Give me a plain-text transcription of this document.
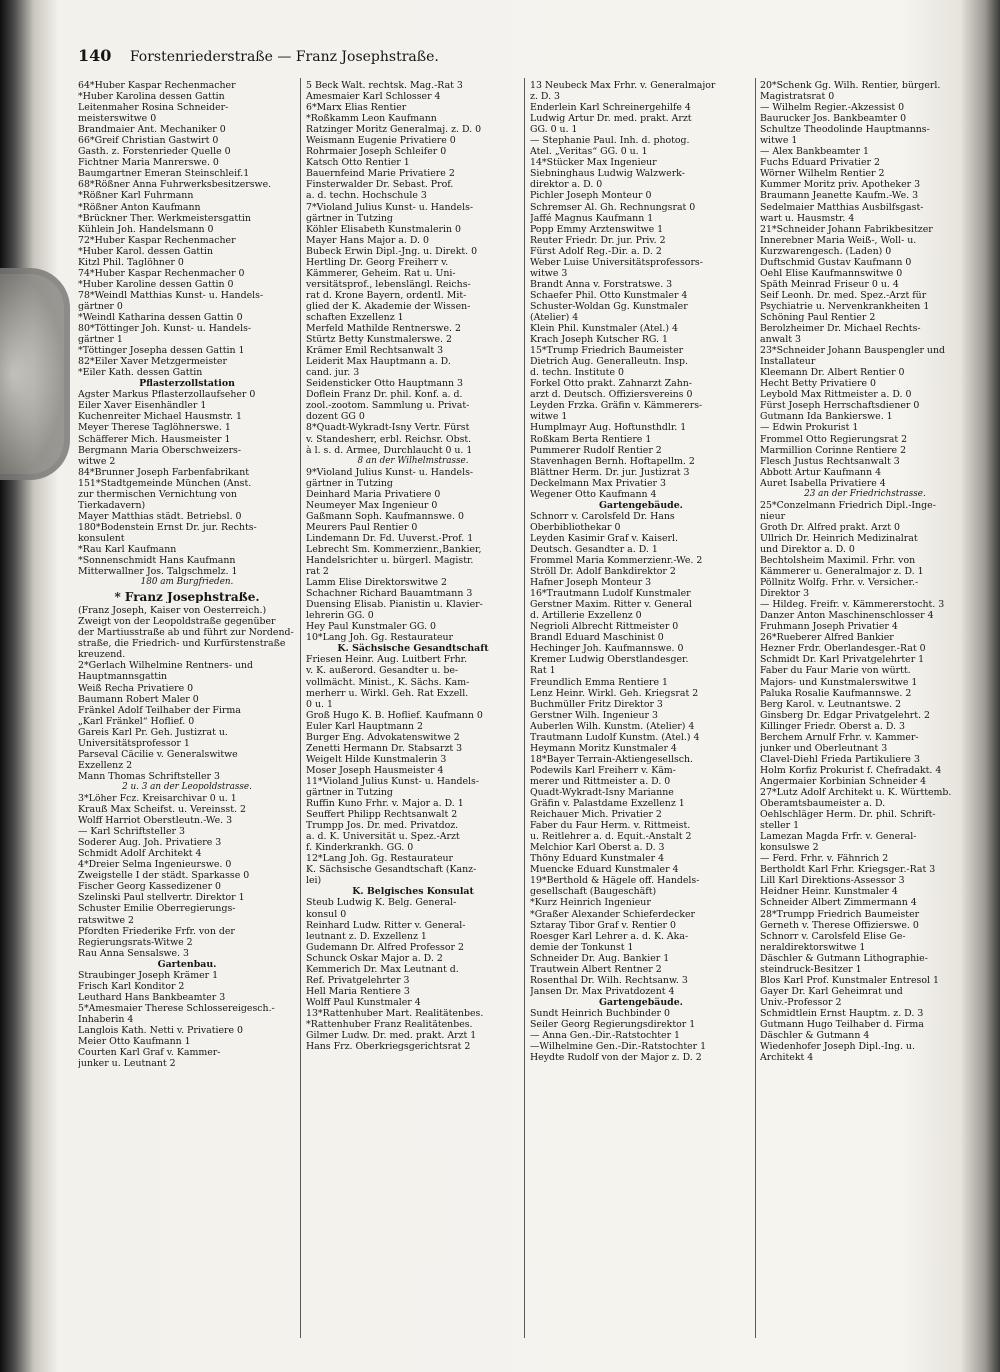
140 Forstenriederstraße — Franz Josephstraße.
64*Huber Kaspar Rechenmacher
*Huber Karolina dessen Gattin
Leitenmaher Rosina Schneider-
meisterswitwe 0
Brandmaier Ant. Mechaniker 0
66*Greif Christian Gastwirt 0
Gasth. z. Forstenrieder Quelle 0
Fichtner Maria Manrerswe. 0
Baumgartner Emeran Steinschleif.1
68*Rößner Anna Fuhrwerksbesitzerswe.
*Rößner Karl Fuhrmann
*Rößner Anton Kaufmann
*Brückner Ther. Werkmeistersgattin
Kühlein Joh. Handelsmann 0
72*Huber Kaspar Rechenmacher
*Huber Karol. dessen Gattin
Kitzl Phil. Taglöhner 0
74*Huber Kaspar Rechenmacher 0
*Huber Karoline dessen Gattin 0
78*Weindl Matthias Kunst- u. Handels-
gärtner 0
*Weindl Katharina dessen Gattin 0
80*Töttinger Joh. Kunst- u. Handels-
gärtner 1
*Töttinger Josepha dessen Gattin 1
82*Eiler Xaver Metzgermeister
*Eiler Kath. dessen Gattin
Pflasterzollstation
Agster Markus Pflasterzollaufseher 0
Eiler Xaver Eisenhändler 1
Kuchenreiter Michael Hausmstr. 1
Meyer Therese Taglöhnerswe. 1
Schäfferer Mich. Hausmeister 1
Bergmann Maria Oberschweizers-
witwe 2
84*Brunner Joseph Farbenfabrikant
151*Stadtgemeinde München (Anst.
zur thermischen Vernichtung von
Tierkadavern)
Mayer Matthias städt. Betriebsl. 0
180*Bodenstein Ernst Dr. jur. Rechts-
konsulent
*Rau Karl Kaufmann
*Sonnenschmidt Hans Kaufmann
Mitterwallner Jos. Talgschmelz. 1
180 am Burgfrieden.
* Franz Josephstraße.
(Franz Joseph, Kaiser von Oesterreich.)
Zweigt von der Leopoldstraße gegenüber
der Martiusstraße ab und führt zur Nordend-
straße, die Friedrich- und Kurfürstenstraße
kreuzend.
2*Gerlach Wilhelmine Rentners- und
Hauptmannsgattin
Weiß Recha Privatiere 0
Baumann Robert Maler 0
Fränkel Adolf Teilhaber der Firma
„Karl Fränkel“ Hoflief. 0
Gareis Karl Pr. Geh. Justizrat u.
Universitätsprofessor 1
Parseval Cäcilie v. Generalswitwe
Exzellenz 2
Mann Thomas Schriftsteller 3
2 u. 3 an der Leopoldstrasse.
3*Löher Fcz. Kreisarchivar 0 u. 1
Krauß Max Scheifst. u. Vereinsst. 2
Wolff Harriot Oberstleutn.-We. 3
— Karl Schriftsteller 3
Soderer Aug. Joh. Privatiere 3
Schmidt Adolf Architekt 4
4*Dreier Selma Ingenieurswe. 0
Zweigstelle I der städt. Sparkasse 0
Fischer Georg Kassedizener 0
Szelinski Paul stellvertr. Direktor 1
Schuster Emilie Oberregierungs-
ratswitwe 2
Pfordten Friederike Frfr. von der
Regierungsrats-Witwe 2
Rau Anna Sensalswe. 3
Gartenbau.
Straubinger Joseph Krämer 1
Frisch Karl Konditor 2
Leuthard Hans Bankbeamter 3
5*Amesmaier Therese Schlossereigesch.-
Inhaberin 4
Langlois Kath. Netti v. Privatiere 0
Meier Otto Kaufmann 1
Courten Karl Graf v. Kammer-
junker u. Leutnant 2
5 Beck Walt. rechtsk. Mag.-Rat 3
Amesmaier Karl Schlosser 4
6*Marx Elias Rentier
*Roßkamm Leon Kaufmann
Ratzinger Moritz Generalmaj. z. D. 0
Weismann Eugenie Privatiere 0
Rohrmaier Joseph Schleifer 0
Katsch Otto Rentier 1
Bauernfeind Marie Privatiere 2
Finsterwalder Dr. Sebast. Prof.
a. d. techn. Hochschule 3
7*Violand Julius Kunst- u. Handels-
gärtner in Tutzing
Köhler Elisabeth Kunstmalerin 0
Mayer Hans Major a. D. 0
Bubeck Erwin Dipl.-Jng. u. Direkt. 0
Hertling Dr. Georg Freiherr v.
Kämmerer, Geheim. Rat u. Uni-
versitätsprof., lebenslängl. Reichs-
rat d. Krone Bayern, ordentl. Mit-
glied der K. Akademie der Wissen-
schaften Exzellenz 1
Merfeld Mathilde Rentnerswe. 2
Stürtz Betty Kunstmalerswe. 2
Krämer Emil Rechtsanwalt 3
Leiderit Max Hauptmann a. D.
cand. jur. 3
Seidensticker Otto Hauptmann 3
Doflein Franz Dr. phil. Konf. a. d.
zool.-zootom. Sammlung u. Privat-
dozent GG 0
8*Quadt-Wykradt-Isny Vertr. Fürst
v. Standesherr, erbl. Reichsr. Obst.
à l. s. d. Armee, Durchlaucht 0 u. 1
8 an der Wilhelmstrasse.
9*Violand Julius Kunst- u. Handels-
gärtner in Tutzing
Deinhard Maria Privatiere 0
Neumeyer Max Ingenieur 0
Gaßmann Soph. Kaufmannswe. 0
Meurers Paul Rentier 0
Lindemann Dr. Fd. Uuverst.-Prof. 1
Lebrecht Sm. Kommerzienr.,Bankier,
Handelsrichter u. bürgerl. Magistr.
rat 2
Lamm Elise Direktorswitwe 2
Schachner Richard Bauamtmann 3
Duensing Elisab. Pianistin u. Klavier-
lehrerin GG. 0
Hey Paul Kunstmaler GG. 0
10*Lang Joh. Gg. Restaurateur
K. Sächsische Gesandtschaft
Friesen Heinr. Aug. Luitbert Frhr.
v. K. außerord. Gesandter u. be-
vollmächt. Minist., K. Sächs. Kam-
merherr u. Wirkl. Geh. Rat Exzell.
0 u. 1
Groß Hugo K. B. Hoflief. Kaufmann 0
Euler Karl Hauptmann 2
Burger Eng. Advokatenswitwe 2
Zenetti Hermann Dr. Stabsarzt 3
Weigelt Hilde Kunstmalerin 3
Moser Joseph Hausmeister 4
11*Violand Julius Kunst- u. Handels-
gärtner in Tutzing
Ruffin Kuno Frhr. v. Major a. D. 1
Seuffert Philipp Rechtsanwalt 2
Trumpp Jos. Dr. med. Privatdoz.
a. d. K. Universität u. Spez.-Arzt
f. Kinderkrankh. GG. 0
12*Lang Joh. Gg. Restaurateur
K. Sächsische Gesandtschaft (Kanz-
lei)
K. Belgisches Konsulat
Steub Ludwig K. Belg. General-
konsul 0
Reinhard Ludw. Ritter v. General-
leutnant z. D. Exzellenz 1
Gudemann Dr. Alfred Professor 2
Schunck Oskar Major a. D. 2
Kemmerich Dr. Max Leutnant d.
Ref. Privatgelehrter 3
Hell Maria Rentiere 3
Wolff Paul Kunstmaler 4
13*Rattenhuber Mart. Realitätenbes.
*Rattenhuber Franz Realitätenbes.
Gilmer Ludw. Dr. med. prakt. Arzt 1
Hans Frz. Oberkriegsgerichtsrat 2
13 Neubeck Max Frhr. v. Generalmajor
z. D. 3
Enderlein Karl Schreinergehilfe 4
Ludwig Artur Dr. med. prakt. Arzt
GG. 0 u. 1
— Stephanie Paul. Inh. d. photog.
Atel. „Veritas“ GG. 0 u. 1
14*Stücker Max Ingenieur
Siebninghaus Ludwig Walzwerk-
direktor a. D. 0
Pichler Joseph Monteur 0
Schremser Al. Gh. Rechnungsrat 0
Jaffé Magnus Kaufmann 1
Popp Emmy Arztenswitwe 1
Reuter Friedr. Dr. jur. Priv. 2
Fürst Adolf Reg.-Dir. a. D. 2
Weber Luise Universitätsprofessors-
witwe 3
Brandt Anna v. Forstratswe. 3
Schaefer Phil. Otto Kunstmaler 4
Schuster-Woldan Gg. Kunstmaler
(Atelier) 4
Klein Phil. Kunstmaler (Atel.) 4
Krach Joseph Kutscher RG. 1
15*Trump Friedrich Baumeister
Dietrich Aug. Generalleutn. Insp.
d. techn. Institute 0
Forkel Otto prakt. Zahnarzt Zahn-
arzt d. Deutsch. Offiziersvereins 0
Leyden Frzka. Gräfin v. Kämmerers-
witwe 1
Humplmayr Aug. Hoftunsthdlr. 1
Roßkam Berta Rentiere 1
Pummerer Rudolf Rentier 2
Stavenhagen Bernh. Hoftapellm. 2
Blättner Herm. Dr. jur. Justizrat 3
Deckelmann Max Privatier 3
Wegener Otto Kaufmann 4
Gartengebäude.
Schnorr v. Carolsfeld Dr. Hans
Oberbibliothekar 0
Leyden Kasimir Graf v. Kaiserl.
Deutsch. Gesandter a. D. 1
Frommel Maria Kommerzienr.-We. 2
Ströll Dr. Adolf Bankdirektor 2
Hafner Joseph Monteur 3
16*Trautmann Ludolf Kunstmaler
Gerstner Maxim. Ritter v. General
d. Artillerie Exzellenz 0
Negrioli Albrecht Rittmeister 0
Brandl Eduard Maschinist 0
Hechinger Joh. Kaufmannswe. 0
Kremer Ludwig Oberstlandesger.
Rat 1
Freundlich Emma Rentiere 1
Lenz Heinr. Wirkl. Geh. Kriegsrat 2
Buchmüller Fritz Direktor 3
Gerstner Wilh. Ingenieur 3
Auberlen Wilh. Kunstm. (Atelier) 4
Trautmann Ludolf Kunstm. (Atel.) 4
Heymann Moritz Kunstmaler 4
18*Bayer Terrain-Aktiengesellsch.
Podewils Karl Freiherr v. Käm-
merer und Rittmeister a. D. 0
Quadt-Wykradt-Isny Marianne
Gräfin v. Palastdame Exzellenz 1
Reichauer Mich. Privatier 2
Faber du Faur Herm. v. Rittmeist.
u. Reitlehrer a. d. Equit.-Anstalt 2
Melchior Karl Oberst a. D. 3
Thöny Eduard Kunstmaler 4
Muencke Eduard Kunstmaler 4
19*Berthold & Hägele off. Handels-
gesellschaft (Baugeschäft)
*Kurz Heinrich Ingenieur
*Graßer Alexander Schieferdecker
Sztaray Tibor Graf v. Rentier 0
Roesger Karl Lehrer a. d. K. Aka-
demie der Tonkunst 1
Schneider Dr. Aug. Bankier 1
Trautwein Albert Rentner 2
Rosenthal Dr. Wilh. Rechtsanw. 3
Jansen Dr. Max Privatdozent 4
Gartengebäude.
Sundt Heinrich Buchbinder 0
Seiler Georg Regierungsdirektor 1
— Anna Gen.-Dir.-Ratstochter 1
—Wilhelmine Gen.-Dir.-Ratstochter 1
Heydte Rudolf von der Major z. D. 2
20*Schenk Gg. Wilh. Rentier, bürgerl.
Magistratsrat 0
— Wilhelm Regier.-Akzessist 0
Baurucker Jos. Bankbeamter 0
Schultze Theodolinde Hauptmanns-
witwe 1
— Alex Bankbeamter 1
Fuchs Eduard Privatier 2
Wörner Wilhelm Rentier 2
Kummer Moritz priv. Apotheker 3
Braumann Jeanette Kaufm.-We. 3
Sedelmaier Matthias Ausbilfsgast-
wart u. Hausmstr. 4
21*Schneider Johann Fabrikbesitzer
Innerebner Maria Weiß-, Woll- u.
Kurzwarengesch. (Laden) 0
Duftschmid Gustav Kaufmann 0
Oehl Elise Kaufmannswitwe 0
Späth Meinrad Friseur 0 u. 4
Seif Leonh. Dr. med. Spez.-Arzt für
Psychiatrie u. Nervenkrankheiten 1
Schöning Paul Rentier 2
Berolzheimer Dr. Michael Rechts-
anwalt 3
23*Schneider Johann Bauspengler und
Installateur
Kleemann Dr. Albert Rentier 0
Hecht Betty Privatiere 0
Leybold Max Rittmeister a. D. 0
Fürst Joseph Herrschaftsdiener 0
Gutmann Ida Bankierswe. 1
— Edwin Prokurist 1
Frommel Otto Regierungsrat 2
Marmillion Corinne Rentiere 2
Flesch Justus Rechtsanwalt 3
Abbott Artur Kaufmann 4
Auret Isabella Privatiere 4
23 an der Friedrichstrasse.
25*Conzelmann Friedrich Dipl.-Inge-
nieur
Groth Dr. Alfred prakt. Arzt 0
Ullrich Dr. Heinrich Medizinalrat
und Direktor a. D. 0
Bechtolsheim Maximil. Frhr. von
Kämmerer u. Generalmajor z. D. 1
Pöllnitz Wolfg. Frhr. v. Versicher.-
Direktor 3
— Hildeg. Freifr. v. Kämmererstocht. 3
Danzer Anton Maschinenschlosser 4
Fruhmann Joseph Privatier 4
26*Rueberer Alfred Bankier
Hezner Frdr. Oberlandesger.-Rat 0
Schmidt Dr. Karl Privatgelehrter 1
Faber du Faur Marie von württ.
Majors- und Kunstmalerswitwe 1
Paluka Rosalie Kaufmannswe. 2
Berg Karol. v. Leutnantswe. 2
Ginsberg Dr. Edgar Privatgelehrt. 2
Killinger Friedr. Oberst a. D. 3
Berchem Arnulf Frhr. v. Kammer-
junker und Oberleutnant 3
Clavel-Diehl Frieda Partikuliere 3
Holm Korfiz Prokurist f. Chefradakt. 4
Angermaier Korbinian Schneider 4
27*Lutz Adolf Architekt u. K. Württemb.
Oberamtsbaumeister a. D.
Oehlschläger Herm. Dr. phil. Schrift-
steller 1
Lamezan Magda Frfr. v. General-
konsulswe 2
— Ferd. Frhr. v. Fähnrich 2
Bertholdt Karl Frhr. Kriegsger.-Rat 3
Lill Karl Direktions-Assessor 3
Heidner Heinr. Kunstmaler 4
Schneider Albert Zimmermann 4
28*Trumpp Friedrich Baumeister
Gerneth v. Therese Offizierswe. 0
Schnorr v. Carolsfeld Elise Ge-
neraldirektorswitwe 1
Däschler & Gutmann Lithographie-
steindruck-Besitzer 1
Blos Karl Prof. Kunstmaler Entresol 1
Gayer Dr. Karl Geheimrat und
Univ.-Professor 2
Schmidtlein Ernst Hauptm. z. D. 3
Gutmann Hugo Teilhaber d. Firma
Däschler & Gutmann 4
Wiedenhofer Joseph Dipl.-Ing. u.
Architekt 4
